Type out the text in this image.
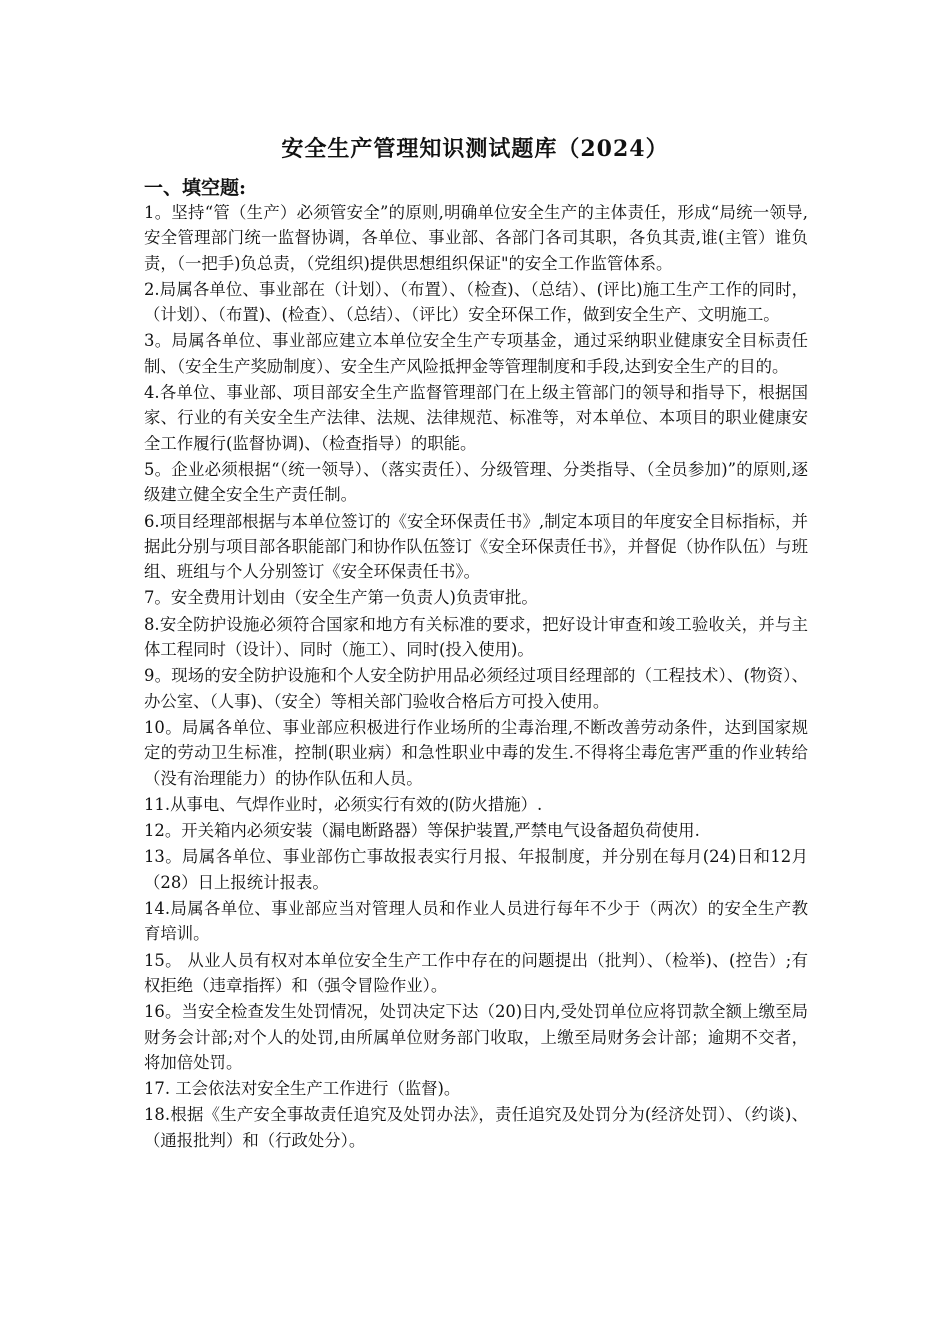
安全生产管理知识测试题库（2024）
一、填空题:

1。坚持“管（生产）必须管安全”的原则,明确单位安全生产的主体责任，形成“局统一领导,安全管理部门统一监督协调，各单位、事业部、各部门各司其职，各负其责,谁(主管）谁负责，（一把手)负总责，（党组织)提供思想组织保证"的安全工作监管体系。

2.局属各单位、事业部在（计划）、（布置）、（检查)、（总结）、(评比)施工生产工作的同时，（计划）、（布置)、(检查）、（总结）、（评比）安全环保工作，做到安全生产、文明施工。

3。局属各单位、事业部应建立本单位安全生产专项基金，通过采纳职业健康安全目标责任制、（安全生产奖励制度）、安全生产风险抵押金等管理制度和手段,达到安全生产的目的。

4.各单位、事业部、项目部安全生产监督管理部门在上级主管部门的领导和指导下，根据国家、行业的有关安全生产法律、法规、法律规范、标准等，对本单位、本项目的职业健康安全工作履行(监督协调)、（检查指导）的职能。

5。企业必须根据“（统一领导）、（落实责任）、分级管理、分类指导、（全员参加)”的原则,逐级建立健全安全生产责任制。

6.项目经理部根据与本单位签订的《安全环保责任书》,制定本项目的年度安全目标指标，并据此分别与项目部各职能部门和协作队伍签订《安全环保责任书》，并督促（协作队伍）与班组、班组与个人分别签订《安全环保责任书》。

7。安全费用计划由（安全生产第一负责人)负责审批。

8.安全防护设施必须符合国家和地方有关标准的要求，把好设计审查和竣工验收关，并与主体工程同时（设计）、同时（施工）、同时(投入使用)。

9。现场的安全防护设施和个人安全防护用品必须经过项目经理部的（工程技术）、(物资）、办公室、（人事)、（安全）等相关部门验收合格后方可投入使用。

10。局属各单位、事业部应积极进行作业场所的尘毒治理,不断改善劳动条件，达到国家规定的劳动卫生标准，控制(职业病）和急性职业中毒的发生.不得将尘毒危害严重的作业转给（没有治理能力）的协作队伍和人员。

11.从事电、气焊作业时，必须实行有效的(防火措施）.

12。开关箱内必须安装（漏电断路器）等保护装置,严禁电气设备超负荷使用.

13。局属各单位、事业部伤亡事故报表实行月报、年报制度，并分别在每月(24)日和12月（28）日上报统计报表。

14.局属各单位、事业部应当对管理人员和作业人员进行每年不少于（两次）的安全生产教育培训。

15。 从业人员有权对本单位安全生产工作中存在的问题提出（批判）、（检举)、(控告）;有权拒绝（违章指挥）和（强令冒险作业）。

16。当安全检查发生处罚情况，处罚决定下达（20)日内,受处罚单位应将罚款全额上缴至局财务会计部;对个人的处罚,由所属单位财务部门收取，上缴至局财务会计部；逾期不交者，将加倍处罚。

17. 工会依法对安全生产工作进行（监督)。

18.根据《生产安全事故责任追究及处罚办法》，责任追究及处罚分为(经济处罚）、（约谈)、（通报批判）和（行政处分）。
